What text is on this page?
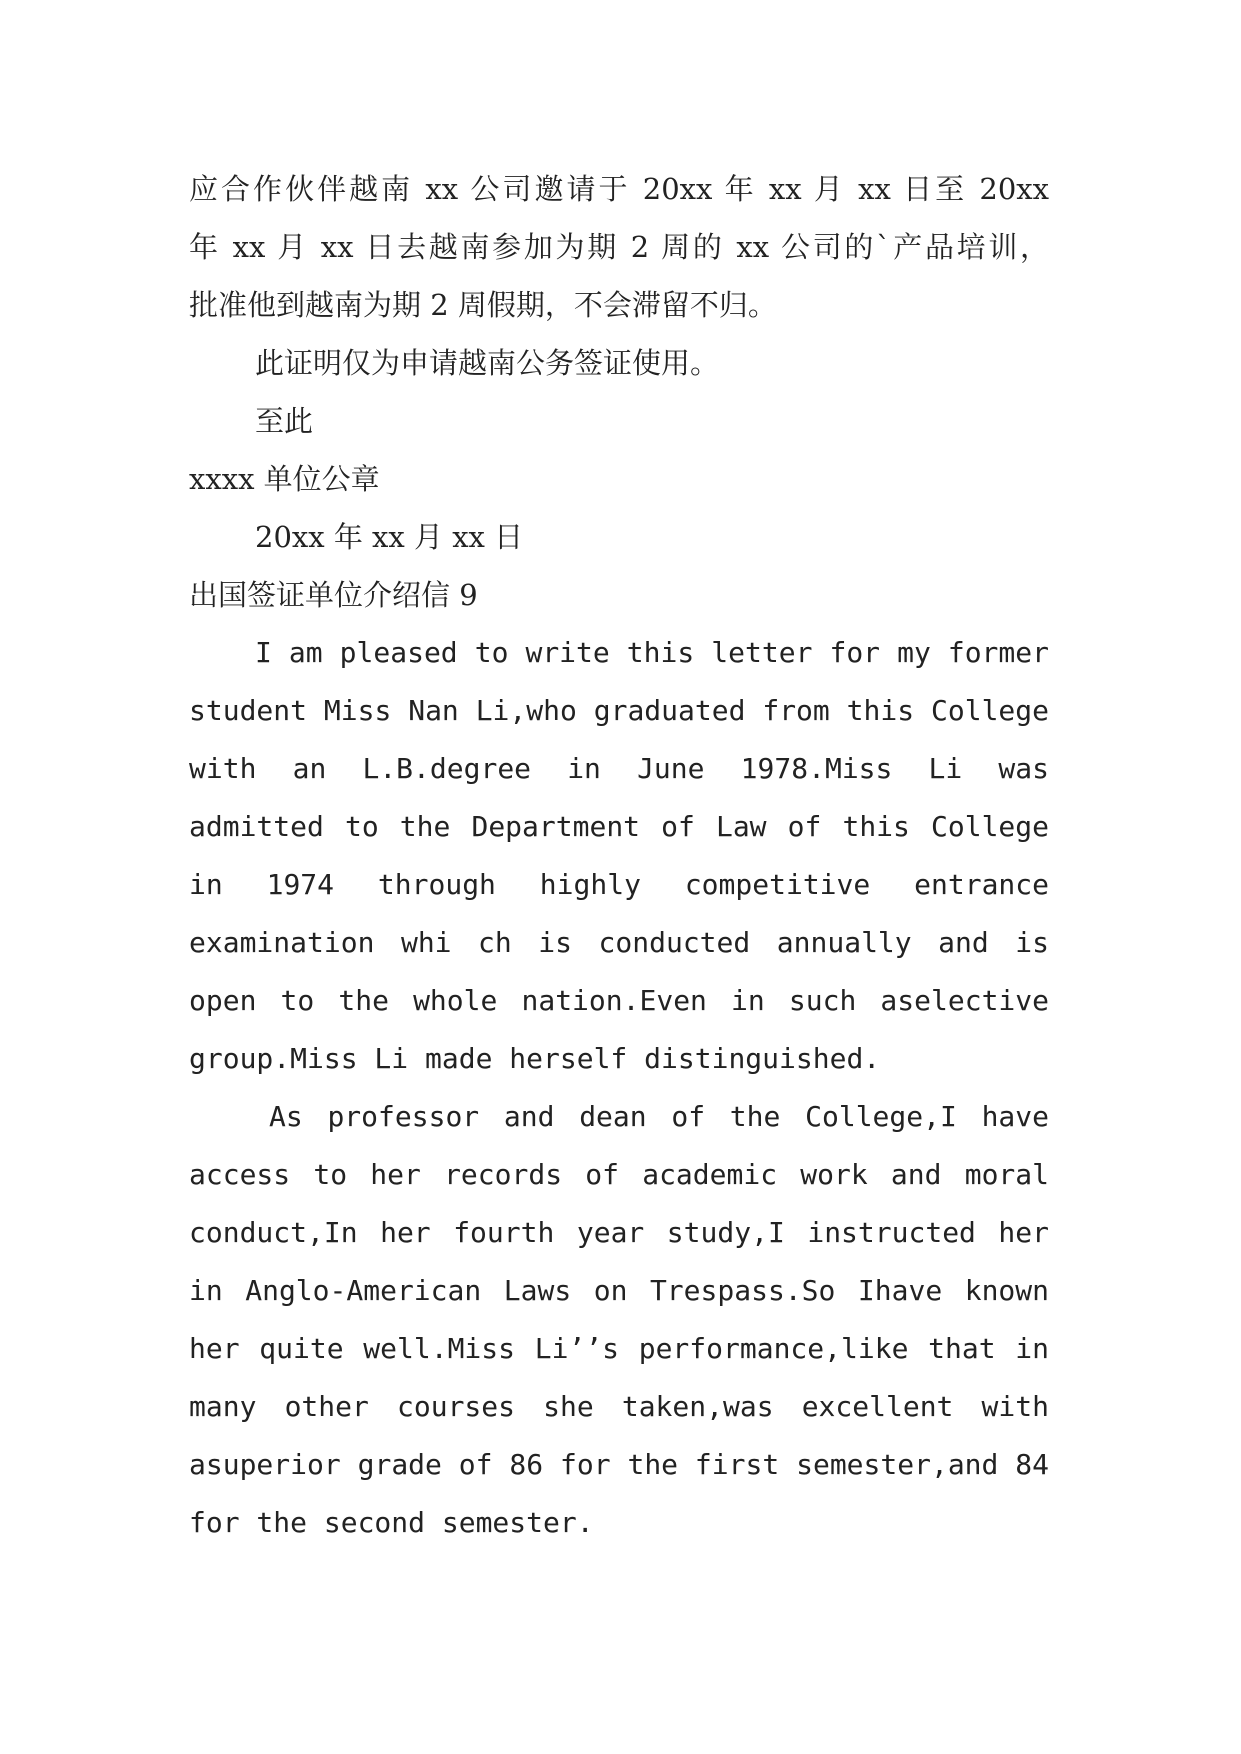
应合作伙伴越南 xx 公司邀请于 20xx 年 xx 月 xx 日至 20xx
年 xx 月 xx 日去越南参加为期 2 周的 xx 公司的`产品培训，
批准他到越南为期 2 周假期，不会滞留不归。
此证明仅为申请越南公务签证使用。
至此
xxxx 单位公章
20xx 年 xx 月 xx 日
出国签证单位介绍信 9
I am pleased to write this letter for my former
student Miss Nan Li,who graduated from this College
with an L.B.degree in June 1978.Miss Li was
admitted to the Department of Law of this College
in 1974 through highly competitive entrance
examination whi ch is conducted annually and is
open to the whole nation.Even in such aselective
group.Miss Li made herself distinguished.
As professor and dean of the College,I have
access to her records of academic work and moral
conduct,In her fourth year study,I instructed her
in Anglo-American Laws on Trespass.So Ihave known
her quite well.Miss Li’’s performance,like that in
many other courses she taken,was excellent with
asuperior grade of 86 for the first semester,and 84
for the second semester.
